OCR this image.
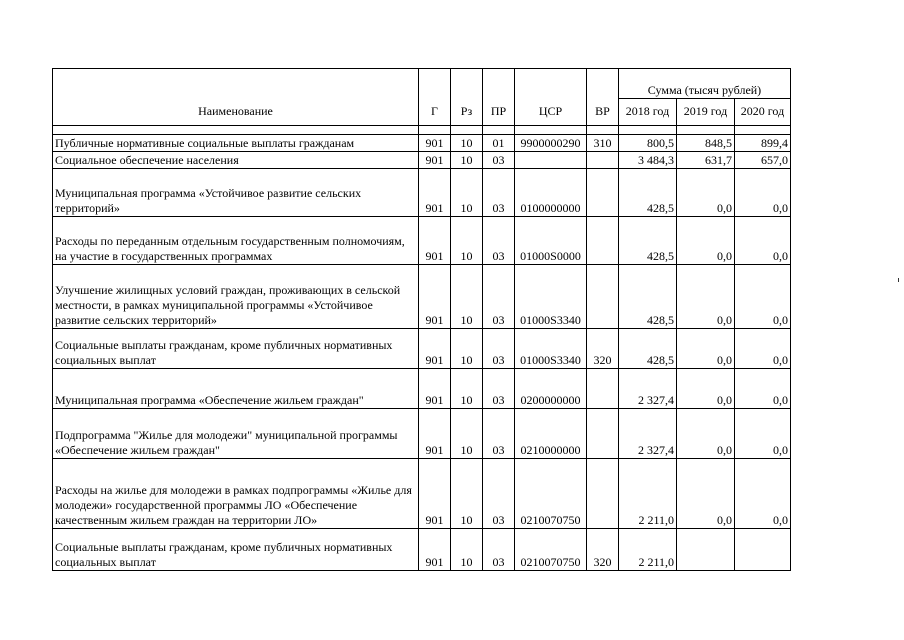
Наименование	Г	Рз	ПР	ЦСР	ВР	Сумма (тысяч рублей)		
						2018 год	2019 год	2020 год

Публичные нормативные социальные выплаты гражданам	901	10	01	9900000290	310	800,5	848,5	899,4
Социальное обеспечение населения	901	10	03			3 484,3	631,7	657,0
Муниципальная программа «Устойчивое развитие сельских территорий»	901	10	03	0100000000		428,5	0,0	0,0
Расходы по переданным отдельным государственным полномочиям, на участие в государственных программах	901	10	03	01000S0000		428,5	0,0	0,0
Улучшение жилищных условий граждан, проживающих в сельской местности, в рамках муниципальной программы «Устойчивое развитие сельских территорий»	901	10	03	01000S3340		428,5	0,0	0,0
Социальные выплаты гражданам, кроме публичных нормативных социальных выплат	901	10	03	01000S3340	320	428,5	0,0	0,0
Муниципальная программа «Обеспечение жильем граждан"	901	10	03	0200000000		2 327,4	0,0	0,0
Подпрограмма "Жилье для молодежи" муниципальной программы «Обеспечение жильем граждан"	901	10	03	0210000000		2 327,4	0,0	0,0
Расходы на жилье для молодежи в рамках подпрограммы «Жилье для молодежи» государственной программы ЛО «Обеспечение качественным жильем граждан на территории ЛО»	901	10	03	0210070750		2 211,0	0,0	0,0
Социальные выплаты гражданам, кроме публичных нормативных социальных выплат	901	10	03	0210070750	320	2 211,0		
